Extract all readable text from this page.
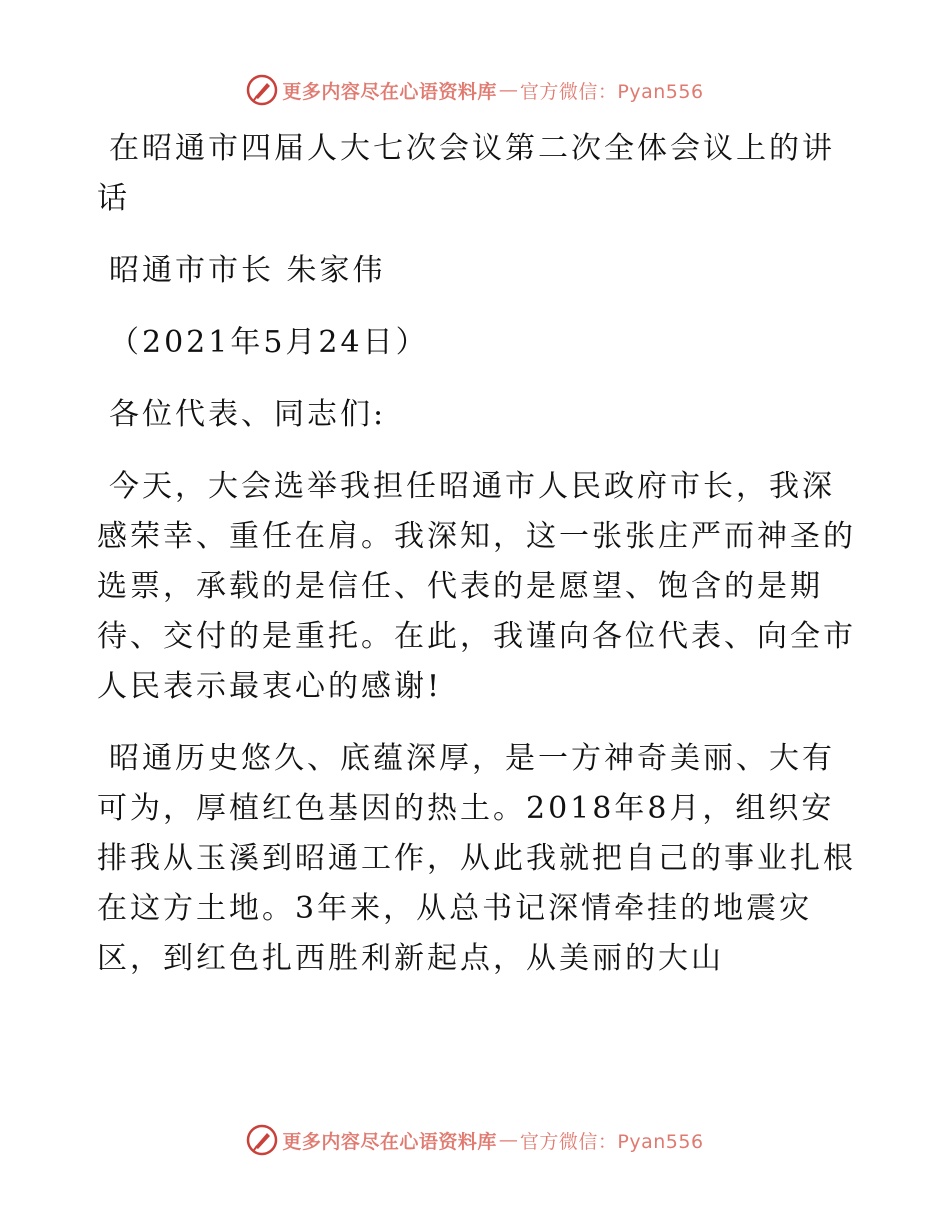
更多内容尽在心语资料库 — 官方微信：Pyan556

在昭通市四届人大七次会议第二次全体会议上的讲话

昭通市市长 朱家伟

（2021年5月24日）

各位代表、同志们:

今天，大会选举我担任昭通市人民政府市长，我深感荣幸、重任在肩。我深知，这一张张庄严而神圣的选票，承载的是信任、代表的是愿望、饱含的是期待、交付的是重托。在此，我谨向各位代表、向全市人民表示最衷心的感谢!

昭通历史悠久、底蕴深厚，是一方神奇美丽、大有可为，厚植红色基因的热土。2018年8月，组织安排我从玉溪到昭通工作，从此我就把自己的事业扎根在这方土地。3年来，从总书记深情牵挂的地震灾区，到红色扎西胜利新起点，从美丽的大山

更多内容尽在心语资料库 — 官方微信：Pyan556
